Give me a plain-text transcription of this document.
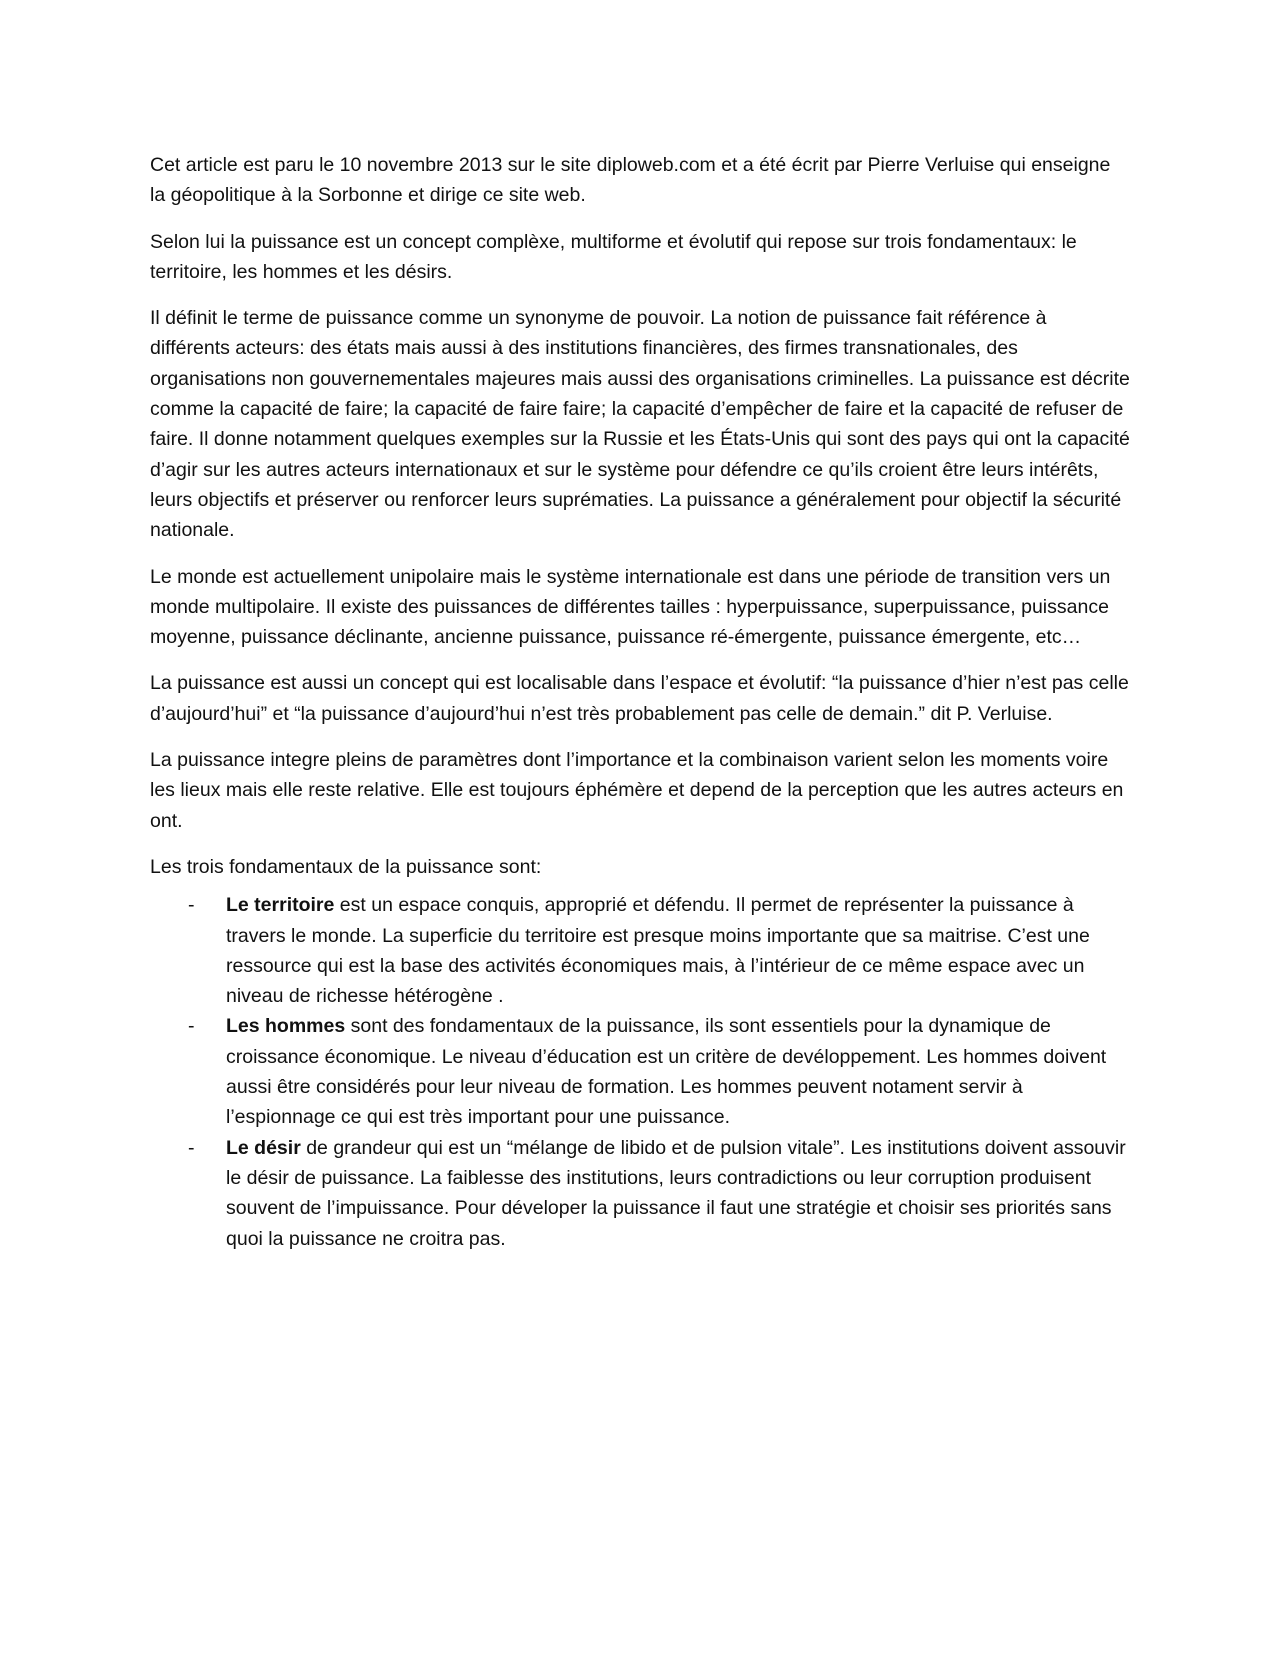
Cet article est paru le 10 novembre 2013 sur le site diploweb.com et a été écrit par Pierre Verluise qui enseigne la géopolitique à la Sorbonne et dirige ce site web.

Selon lui la puissance est un concept complèxe, multiforme et évolutif qui repose sur trois fondamentaux: le territoire, les hommes et les désirs.

Il définit le terme de puissance comme un synonyme de pouvoir. La notion de puissance fait référence à différents acteurs: des états mais aussi à des institutions financières, des firmes transnationales, des organisations non gouvernementales majeures mais aussi des organisations criminelles. La puissance est décrite comme la capacité de faire; la capacité de faire faire; la capacité d’empêcher de faire et la capacité de refuser de faire. Il donne notamment quelques exemples sur la Russie et les États-Unis qui sont des pays qui ont la capacité d’agir sur les autres acteurs internationaux et sur le système pour défendre ce qu’ils croient être leurs intérêts, leurs objectifs et préserver ou renforcer leurs suprématies. La puissance a généralement pour objectif la sécurité nationale.

Le monde est actuellement unipolaire mais le système internationale est dans une période de transition vers un monde multipolaire. Il existe des puissances de différentes tailles : hyperpuissance, superpuissance, puissance moyenne, puissance déclinante, ancienne puissance, puissance ré-émergente, puissance émergente, etc…

La puissance est aussi un concept qui est localisable dans l’espace et évolutif: “la puissance d’hier n’est pas celle d’aujourd’hui” et “la puissance d’aujourd’hui n’est très probablement pas celle de demain.” dit P. Verluise.

La puissance integre pleins de paramètres dont l’importance et la combinaison varient selon les moments voire les lieux mais elle reste relative. Elle est toujours éphémère et depend de la perception que les autres acteurs en ont.

Les trois fondamentaux de la puissance sont:

- Le territoire est un espace conquis, approprié et défendu. Il permet de représenter la puissance à travers le monde. La superficie du territoire est presque moins importante que sa maitrise. C’est une ressource qui est la base des activités économiques mais, à l’intérieur de ce même espace avec un niveau de richesse hétérogène .
- Les hommes sont des fondamentaux de la puissance, ils sont essentiels pour la dynamique de croissance économique. Le niveau d’éducation est un critère de devéloppement. Les hommes doivent aussi être considérés pour leur niveau de formation. Les hommes peuvent notament servir à l’espionnage ce qui est très important pour une puissance.
- Le désir de grandeur qui est un “mélange de libido et de pulsion vitale”. Les institutions doivent assouvir le désir de puissance. La faiblesse des institutions, leurs contradictions ou leur corruption produisent souvent de l’impuissance. Pour déveloper la puissance il faut une stratégie et choisir ses priorités sans quoi la puissance ne croitra pas.
